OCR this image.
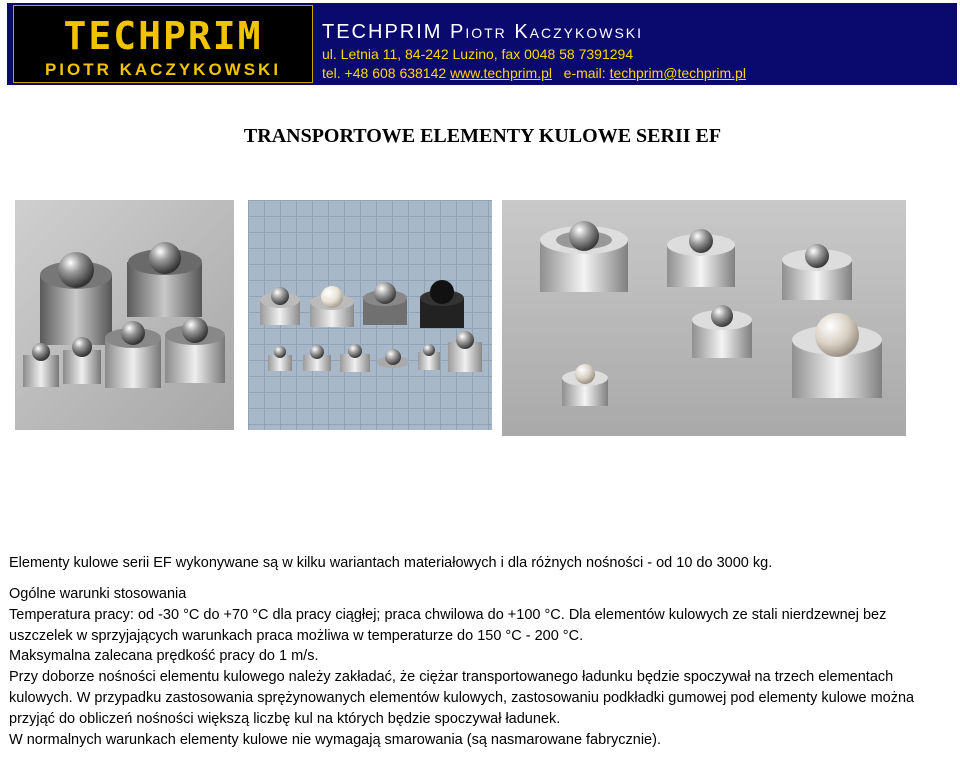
TECHPRIM
PIOTR KACZYKOWSKI
TECHPRIM Piotr Kaczykowski
ul. Letnia 11, 84-242 Luzino, fax 0048 58 7391294
tel. +48 608 638142 www.techprim.pl e-mail: techprim@techprim.pl
TRANSPORTOWE ELEMENTY KULOWE SERII EF
Elementy kulowe serii EF wykonywane są w kilku wariantach materiałowych i dla różnych nośności - od 10 do 3000 kg.

Ogólne warunki stosowania

Temperatura pracy: od -30 °C do +70 °C dla pracy ciągłej; praca chwilowa do +100 °C. Dla elementów kulowych ze stali nierdzewnej bez uszczelek w sprzyjających warunkach praca możliwa w temperaturze do 150 °C - 200 °C.

Maksymalna zalecana prędkość pracy do 1 m/s.

Przy doborze nośności elementu kulowego należy zakładać, że ciężar transportowanego ładunku będzie spoczywał na trzech elementach kulowych. W przypadku zastosowania sprężynowanych elementów kulowych, zastosowaniu podkładki gumowej pod elementy kulowe można przyjąć do obliczeń nośności większą liczbę kul na których będzie spoczywał ładunek.

W normalnych warunkach elementy kulowe nie wymagają smarowania (są nasmarowane fabrycznie).
